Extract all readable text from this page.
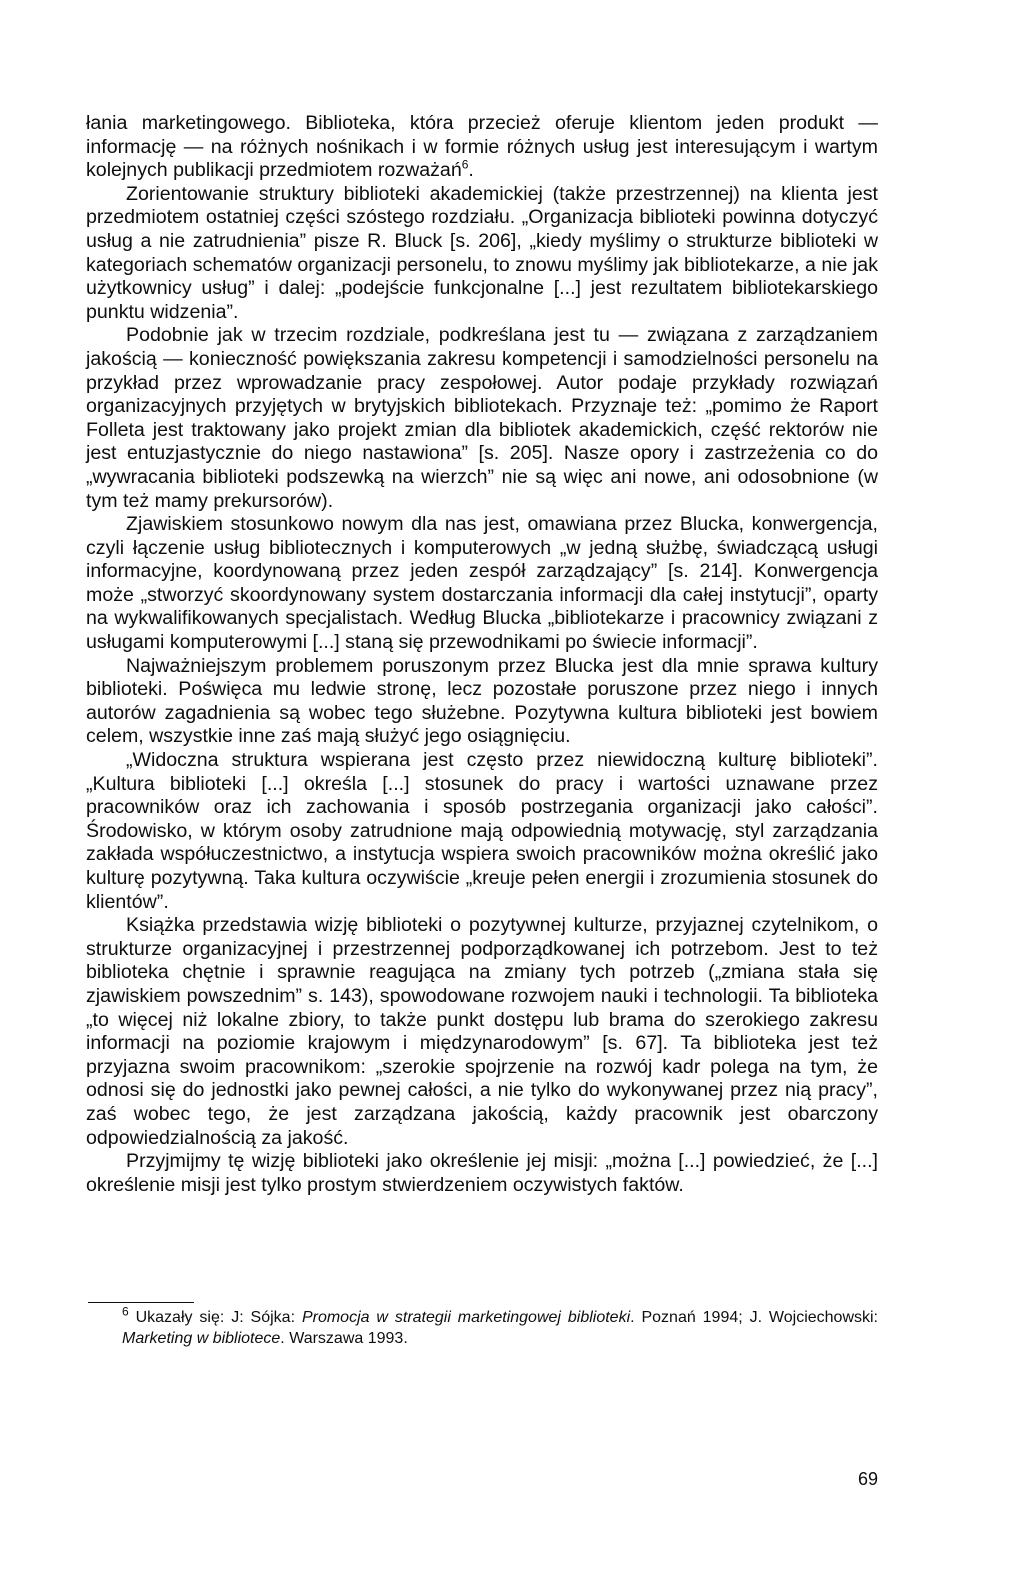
łania marketingowego. Biblioteka, która przecież oferuje klientom jeden produkt — informację — na różnych nośnikach i w formie różnych usług jest interesującym i wartym kolejnych publikacji przedmiotem rozważań$^6$.

Zorientowanie struktury biblioteki akademickiej (także przestrzennej) na klienta jest przedmiotem ostatniej części szóstego rozdziału. „Organizacja biblioteki powinna dotyczyć usług a nie zatrudnienia” pisze R. Bluck [s. 206], „kiedy myślimy o strukturze biblioteki w kategoriach schematów organizacji personelu, to znowu myślimy jak bibliotekarze, a nie jak użytkownicy usług” i dalej: „podejście funkcjonalne [...] jest rezultatem bibliotekarskiego punktu widzenia”.

Podobnie jak w trzecim rozdziale, podkreślana jest tu — związana z zarządzaniem jakością — konieczność powiększania zakresu kompetencji i samodzielności personelu na przykład przez wprowadzanie pracy zespołowej. Autor podaje przykłady rozwiązań organizacyjnych przyjętych w brytyjskich bibliotekach. Przyznaje też: „pomimo że Raport Folleta jest traktowany jako projekt zmian dla bibliotek akademickich, część rektorów nie jest entuzjastycznie do niego nastawiona” [s. 205]. Nasze opory i zastrzeżenia co do „wywracania biblioteki podszewką na wierzch” nie są więc ani nowe, ani odosobnione (w tym też mamy prekursorów).

Zjawiskiem stosunkowo nowym dla nas jest, omawiana przez Blucka, konwergencja, czyli łączenie usług bibliotecznych i komputerowych „w jedną służbę, świadczącą usługi informacyjne, koordynowaną przez jeden zespół zarządzający” [s. 214]. Konwergencja może „stworzyć skoordynowany system dostarczania informacji dla całej instytucji”, oparty na wykwalifikowanych specjalistach. Według Blucka „bibliotekarze i pracownicy związani z usługami komputerowymi [...] staną się przewodnikami po świecie informacji”.

Najważniejszym problemem poruszonym przez Blucka jest dla mnie sprawa kultury biblioteki. Poświęca mu ledwie stronę, lecz pozostałe poruszone przez niego i innych autorów zagadnienia są wobec tego służebne. Pozytywna kultura biblioteki jest bowiem celem, wszystkie inne zaś mają służyć jego osiągnięciu.

„Widoczna struktura wspierana jest często przez niewidoczną kulturę biblioteki”. „Kultura biblioteki [...] określa [...] stosunek do pracy i wartości uznawane przez pracowników oraz ich zachowania i sposób postrzegania organizacji jako całości”. Środowisko, w którym osoby zatrudnione mają odpowiednią motywację, styl zarządzania zakłada współuczestnictwo, a instytucja wspiera swoich pracowników można określić jako kulturę pozytywną. Taka kultura oczywiście „kreuje pełen energii i zrozumienia stosunek do klientów”.

Książka przedstawia wizję biblioteki o pozytywnej kulturze, przyjaznej czytelnikom, o strukturze organizacyjnej i przestrzennej podporządkowanej ich potrzebom. Jest to też biblioteka chętnie i sprawnie reagująca na zmiany tych potrzeb („zmiana stała się zjawiskiem powszednim” s. 143), spowodowane rozwojem nauki i technologii. Ta biblioteka „to więcej niż lokalne zbiory, to także punkt dostępu lub brama do szerokiego zakresu informacji na poziomie krajowym i międzynarodowym” [s. 67]. Ta biblioteka jest też przyjazna swoim pracownikom: „szerokie spojrzenie na rozwój kadr polega na tym, że odnosi się do jednostki jako pewnej całości, a nie tylko do wykonywanej przez nią pracy”, zaś wobec tego, że jest zarządzana jakością, każdy pracownik jest obarczony odpowiedzialnością za jakość.

Przyjmijmy tę wizję biblioteki jako określenie jej misji: „można [...] powiedzieć, że [...] określenie misji jest tylko prostym stwierdzeniem oczywistych faktów.

$^6$ Ukazały się: J: Sójka: Promocja w strategii marketingowej biblioteki. Poznań 1994; J. Wojciechowski: Marketing w bibliotece. Warszawa 1993.
69
